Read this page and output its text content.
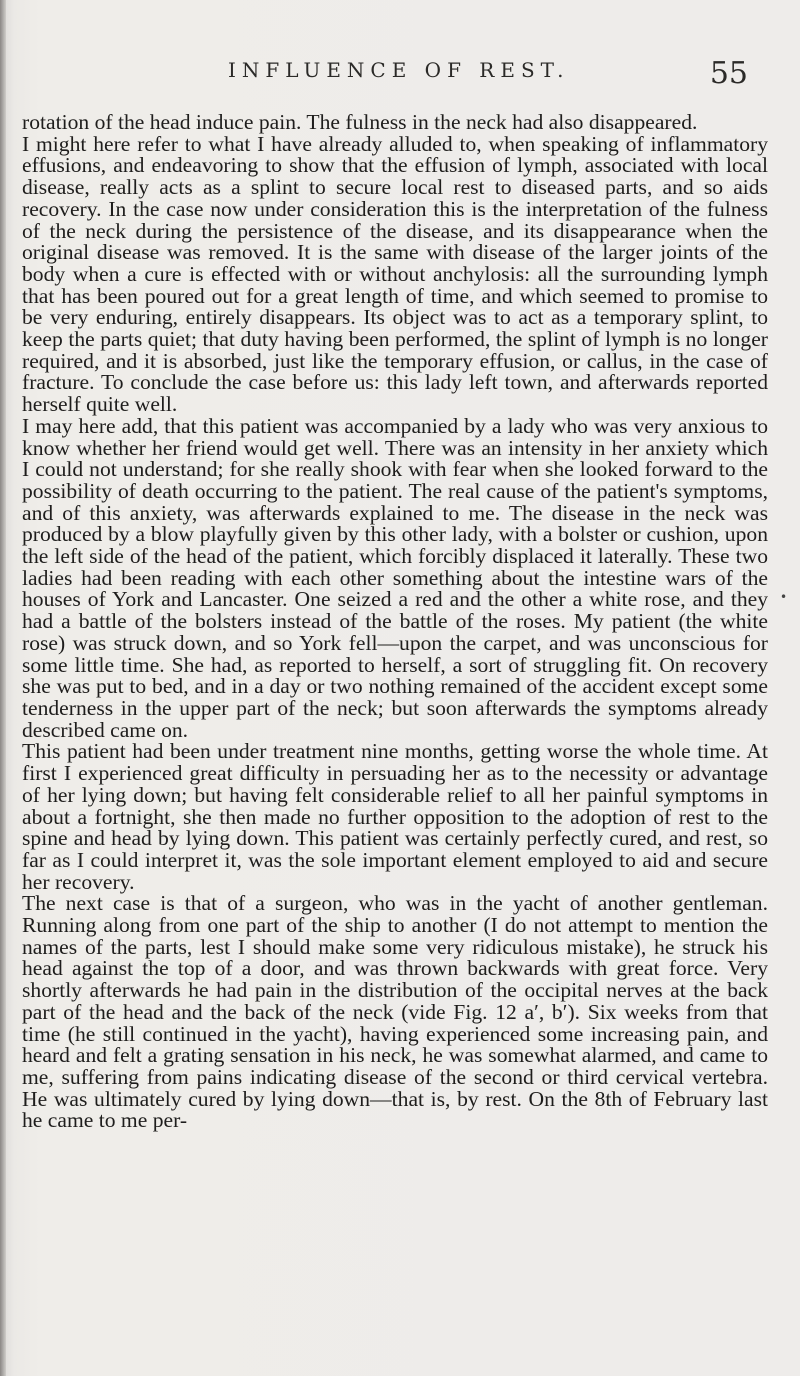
INFLUENCE OF REST.	55

rotation of the head induce pain. The fulness in the neck had also disappeared.

I might here refer to what I have already alluded to, when speaking of inflammatory effusions, and endeavoring to show that the effusion of lymph, associated with local disease, really acts as a splint to secure local rest to diseased parts, and so aids recovery. In the case now under consideration this is the interpretation of the fulness of the neck during the persistence of the disease, and its disappearance when the original disease was removed. It is the same with disease of the larger joints of the body when a cure is effected with or without anchylosis: all the surrounding lymph that has been poured out for a great length of time, and which seemed to promise to be very enduring, entirely disappears. Its object was to act as a temporary splint, to keep the parts quiet; that duty having been performed, the splint of lymph is no longer required, and it is absorbed, just like the temporary effusion, or callus, in the case of fracture. To conclude the case before us: this lady left town, and afterwards reported herself quite well.

I may here add, that this patient was accompanied by a lady who was very anxious to know whether her friend would get well. There was an intensity in her anxiety which I could not understand; for she really shook with fear when she looked forward to the possibility of death occurring to the patient. The real cause of the patient's symptoms, and of this anxiety, was afterwards explained to me. The disease in the neck was produced by a blow playfully given by this other lady, with a bolster or cushion, upon the left side of the head of the patient, which forcibly displaced it laterally. These two ladies had been reading with each other something about the intestine wars of the houses of York and Lancaster. One seized a red and the other a white rose, and they had a battle of the bolsters instead of the battle of the roses. My patient (the white rose) was struck down, and so York fell—upon the carpet, and was unconscious for some little time. She had, as reported to herself, a sort of struggling fit. On recovery she was put to bed, and in a day or two nothing remained of the accident except some tenderness in the upper part of the neck; but soon afterwards the symptoms already described came on.

This patient had been under treatment nine months, getting worse the whole time. At first I experienced great difficulty in persuading her as to the necessity or advantage of her lying down; but having felt considerable relief to all her painful symptoms in about a fortnight, she then made no further opposition to the adoption of rest to the spine and head by lying down. This patient was certainly perfectly cured, and rest, so far as I could interpret it, was the sole important element employed to aid and secure her recovery.

The next case is that of a surgeon, who was in the yacht of another gentleman. Running along from one part of the ship to another (I do not attempt to mention the names of the parts, lest I should make some very ridiculous mistake), he struck his head against the top of a door, and was thrown backwards with great force. Very shortly afterwards he had pain in the distribution of the occipital nerves at the back part of the head and the back of the neck (vide Fig. 12 a′, b′). Six weeks from that time (he still continued in the yacht), having experienced some increasing pain, and heard and felt a grating sensation in his neck, he was somewhat alarmed, and came to me, suffering from pains indicating disease of the second or third cervical vertebra. He was ultimately cured by lying down—that is, by rest. On the 8th of February last he came to me per-

•
